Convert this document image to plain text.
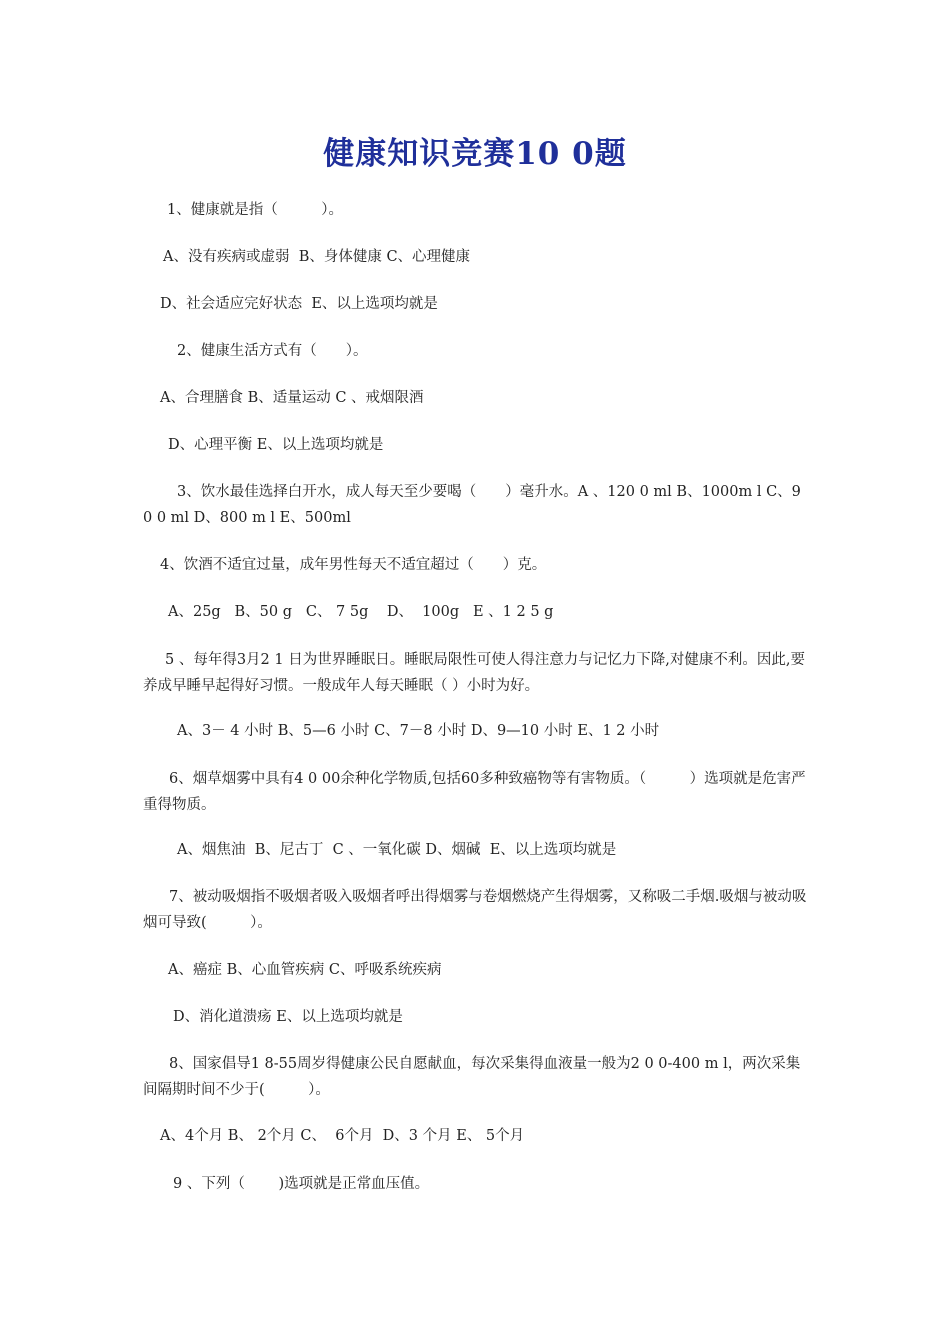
健康知识竞赛10 0题

1、健康就是指（　　　）。

A、没有疾病或虚弱  B、身体健康 C、心理健康

D、社会适应完好状态  E、以上选项均就是

2、健康生活方式有（　　）。

A、合理膳食 B、适量运动 C 、戒烟限酒

D、心理平衡 E、以上选项均就是

3、饮水最佳选择白开水，成人每天至少要喝（　　）毫升水。A 、120 0 ml B、1000m l C、9 0 0 ml D、800 m l E、500ml

4、饮酒不适宜过量，成年男性每天不适宜超过（　　）克。

A、25g   B、50 g   C、 7 5g    D、  100g   E 、1 2 5 g

5 、每年得3月2 1 日为世界睡眠日。睡眠局限性可使人得注意力与记忆力下降,对健康不利。因此,要养成早睡早起得好习惯。一般成年人每天睡眠（ ）小时为好。

A、3－ 4 小时 B、5—6 小时 C、7－8 小时 D、9—10 小时 E、1 2 小时

6、烟草烟雾中具有4 0 00余种化学物质,包括60多种致癌物等有害物质。（　　　）选项就是危害严重得物质。

A、烟焦油  B、尼古丁  C 、一氧化碳 D、烟碱  E、以上选项均就是

7、被动吸烟指不吸烟者吸入吸烟者呼出得烟雾与卷烟燃烧产生得烟雾，又称吸二手烟.吸烟与被动吸烟可导致(　　　）。

A、癌症 B、心血管疾病 C、呼吸系统疾病

D、消化道溃疡 E、以上选项均就是

8、国家倡导1 8-55周岁得健康公民自愿献血，每次采集得血液量一般为2 0 0-400 m l，两次采集间隔期时间不少于(　　　）。

A、4个月 B、 2个月 C、  6个月  D、3 个月 E、 5个月

9 、下列（　　 )选项就是正常血压值。
